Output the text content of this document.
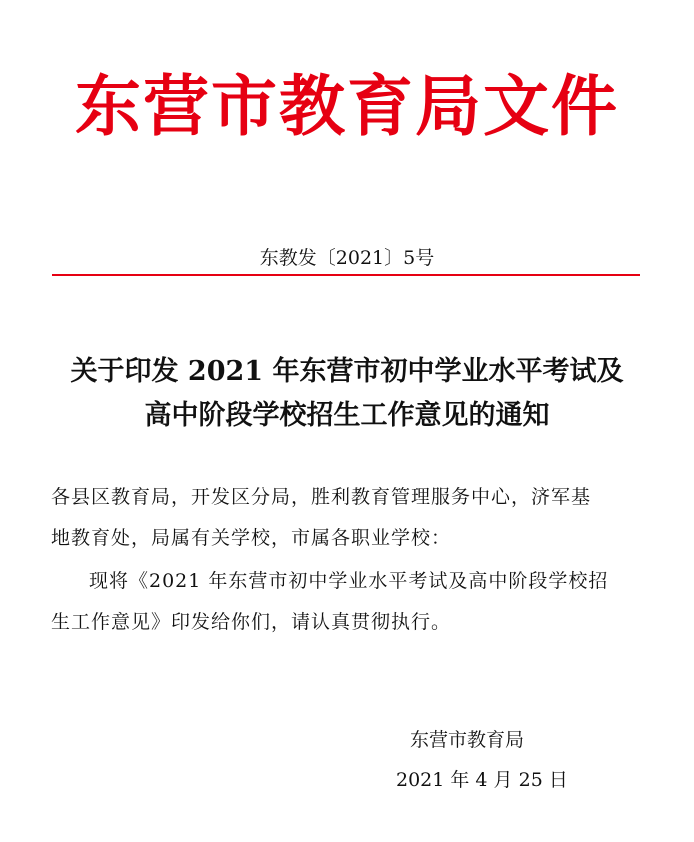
东营市教育局文件
东教发〔2021〕5号
关于印发 2021 年东营市初中学业水平考试及
高中阶段学校招生工作意见的通知
各县区教育局，开发区分局，胜利教育管理服务中心，济军基
地教育处，局属有关学校，市属各职业学校：
现将《2021 年东营市初中学业水平考试及高中阶段学校招
生工作意见》印发给你们，请认真贯彻执行。
东营市教育局
2021 年 4 月 25 日
